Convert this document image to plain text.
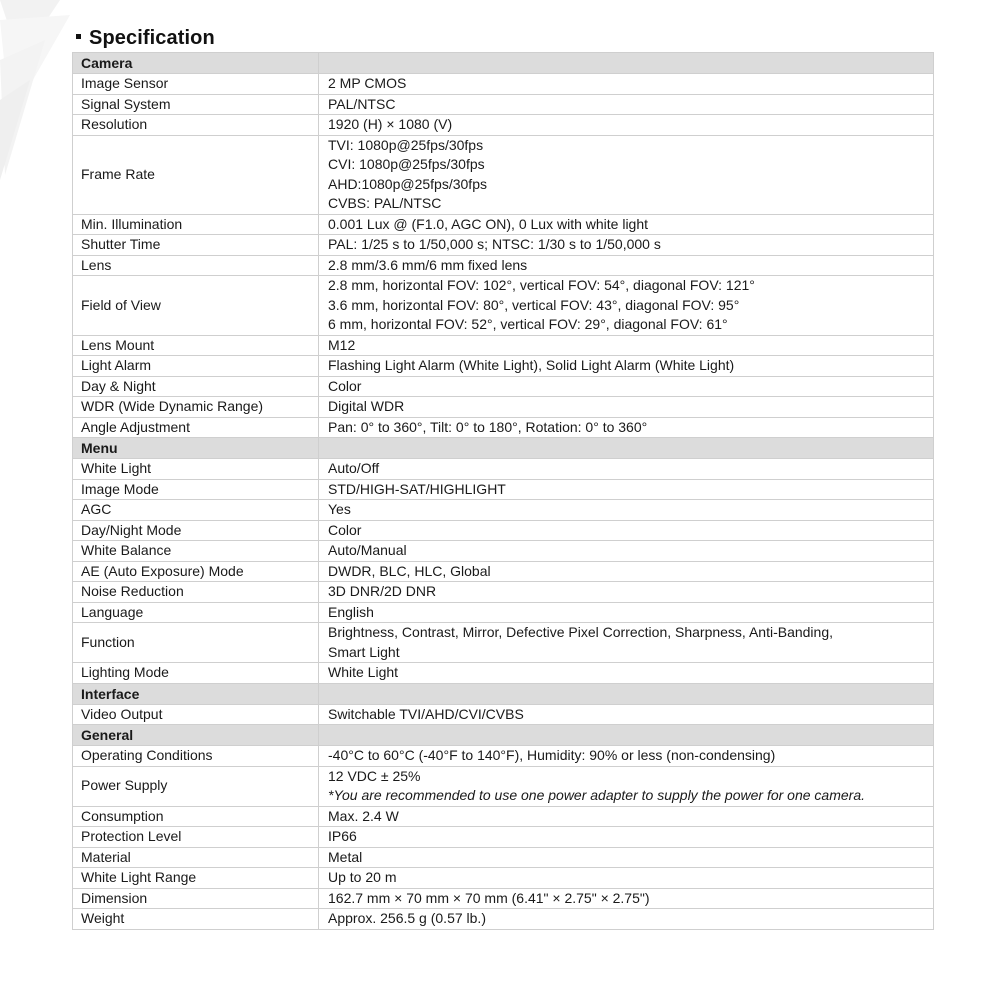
Specification
Camera	
Image Sensor	2 MP CMOS

Signal System	PAL/NTSC

Resolution	1920 (H) × 1080 (V)

Frame Rate	TVI: 1080p@25fps/30fps
CVI: 1080p@25fps/30fps
AHD:1080p@25fps/30fps
CVBS: PAL/NTSC

Min. Illumination	0.001 Lux @ (F1.0, AGC ON), 0 Lux with white light

Shutter Time	PAL: 1/25 s to 1/50,000 s; NTSC: 1/30 s to 1/50,000 s

Lens	2.8 mm/3.6 mm/6 mm fixed lens

Field of View	2.8 mm, horizontal FOV: 102°, vertical FOV: 54°, diagonal FOV: 121°
3.6 mm, horizontal FOV: 80°, vertical FOV: 43°, diagonal FOV: 95°
6 mm, horizontal FOV: 52°, vertical FOV: 29°, diagonal FOV: 61°

Lens Mount	M12

Light Alarm	Flashing Light Alarm (White Light), Solid Light Alarm (White Light)

Day & Night	Color

WDR (Wide Dynamic Range)	Digital WDR

Angle Adjustment	Pan: 0° to 360°, Tilt: 0° to 180°, Rotation: 0° to 360°

Menu	
White Light	Auto/Off

Image Mode	STD/HIGH-SAT/HIGHLIGHT

AGC	Yes

Day/Night Mode	Color

White Balance	Auto/Manual

AE (Auto Exposure) Mode	DWDR, BLC, HLC, Global

Noise Reduction	3D DNR/2D DNR

Language	English

Function	Brightness, Contrast, Mirror, Defective Pixel Correction, Sharpness, Anti-Banding,
Smart Light

Lighting Mode	White Light

Interface	
Video Output	Switchable TVI/AHD/CVI/CVBS

General	
Operating Conditions	-40°C to 60°C (-40°F to 140°F), Humidity: 90% or less (non-condensing)

Power Supply	12 VDC ± 25%
*You are recommended to use one power adapter to supply the power for one camera.

Consumption	Max. 2.4 W

Protection Level	IP66

Material	Metal

White Light Range	Up to 20 m

Dimension	162.7 mm × 70 mm × 70 mm (6.41" × 2.75" × 2.75")

Weight	Approx. 256.5 g (0.57 lb.)
